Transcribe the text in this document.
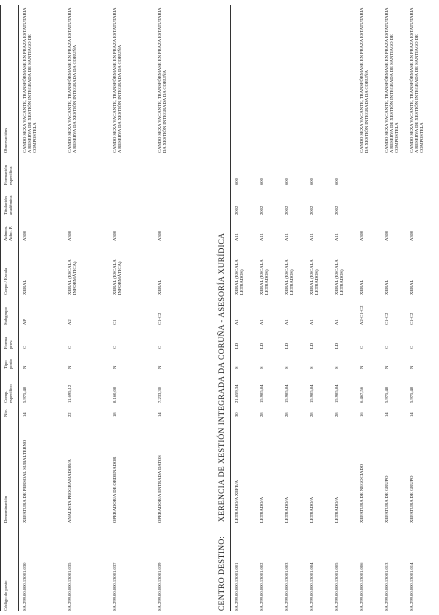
Código do posto
Denominación
Niv.
Comp.
específico
Tipo
posto
Forma
prov.
Subgrupo
Corpo / Escala
Admon.
Adsc. P.
Titulación
académica
Formación
específica
Observacións
SA.299.00.000.13001.030
XEFATURA DE PERSOAL SUBALTERNO
14
5.975,48
N
C
AP
XERAL
A300
CANDO SEXA VACANTE, TRANSFÓRMASE EN PRAZA ESTATUTARIA A RESERVA DE XESTIÓN INTEGRADA DE SANTIAGO DE COMPOSTELA
SA.299.00.000.13001.035
ANALISTA PROGRAMADOR/A
22
11.695,12
N
C
A2
XERAL (ESCALA INFORMÁTICA)
A300
CANDO SEXA VACANTE, TRANSFÓRMASE EN PRAZA ESTATUTARIA A RESERVA DA XESTIÓN INTEGRADA DA CORUÑA
SA.299.00.000.13001.037
OPERADOR/A DE ORDENADOR
18
8.160,08
N
C
C1
XERAL (ESCALA INFORMÁTICA)
A300
CANDO SEXA VACANTE, TRANSFÓRMASE EN PRAZA ESTATUTARIA A RESERVA DA XESTIÓN INTEGRADA DA CORUÑA
SA.299.00.000.13001.039
OPERADOR/A ENTRADA DATOS
14
7.233,30
N
C
C1-C2
XERAL
A300
CANDO SEXA VACANTE, TRANSFÓRMASE EN PRAZA ESTATUTARIA DA XESTIÓN INTEGRADA DA CORUÑA
CENTRO DESTINO:
XERENCIA DE XESTIÓN INTEGRADA DA CORUÑA - ASESORÍA XURÍDICA
SA.299.00.000.13001.001
LETRADO/A XEFE/A
30
21.659,34
S
LD
A1
XERAL (ESCALA LETRADOS)
A11
2002
600
SA.299.00.000.13001.002
LETRADO/A
28
15.985,84
S
LD
A1
XERAL (ESCALA LETRADOS)
A11
2002
600
SA.299.00.000.13001.003
LETRADO/A
28
15.985,84
S
LD
A1
XERAL (ESCALA LETRADOS)
A11
2002
600
SA.299.00.000.13001.004
LETRADO/A
28
15.985,84
S
LD
A1
XERAL (ESCALA LETRADOS)
A11
2002
600
SA.299.00.000.13001.005
LETRADO/A
28
15.985,84
S
LD
A1
XERAL (ESCALA LETRADOS)
A11
2002
600
SA.299.00.000.13001.006
XEFATURA DE NEGOCIADO
16
6.467,56
N
C
A2-C1-C2
XERAL
A300
CANDO SEXA VACANTE, TRANSFÓRMASE EN PRAZA ESTATUTARIA DA XESTIÓN INTEGRADA DA CORUÑA
SA.299.00.000.13001.013
XEFATURA DE GRUPO
14
5.975,48
N
C
C1-C2
XERAL
A300
CANDO SEXA VACANTE, TRANSFÓRMASE EN PRAZA ESTATUTARIA A RESERVA DE XESTIÓN INTEGRADA DE SANTIAGO DE COMPOSTELA
SA.299.00.000.13001.014
XEFATURA DE GRUPO
14
5.975,48
N
C
C1-C2
XERAL
A300
CANDO SEXA VACANTE, TRANSFÓRMASE EN PRAZA ESTATUTARIA A RESERVA DE XESTIÓN INTEGRADA DE SANTIAGO DE COMPOSTELA
